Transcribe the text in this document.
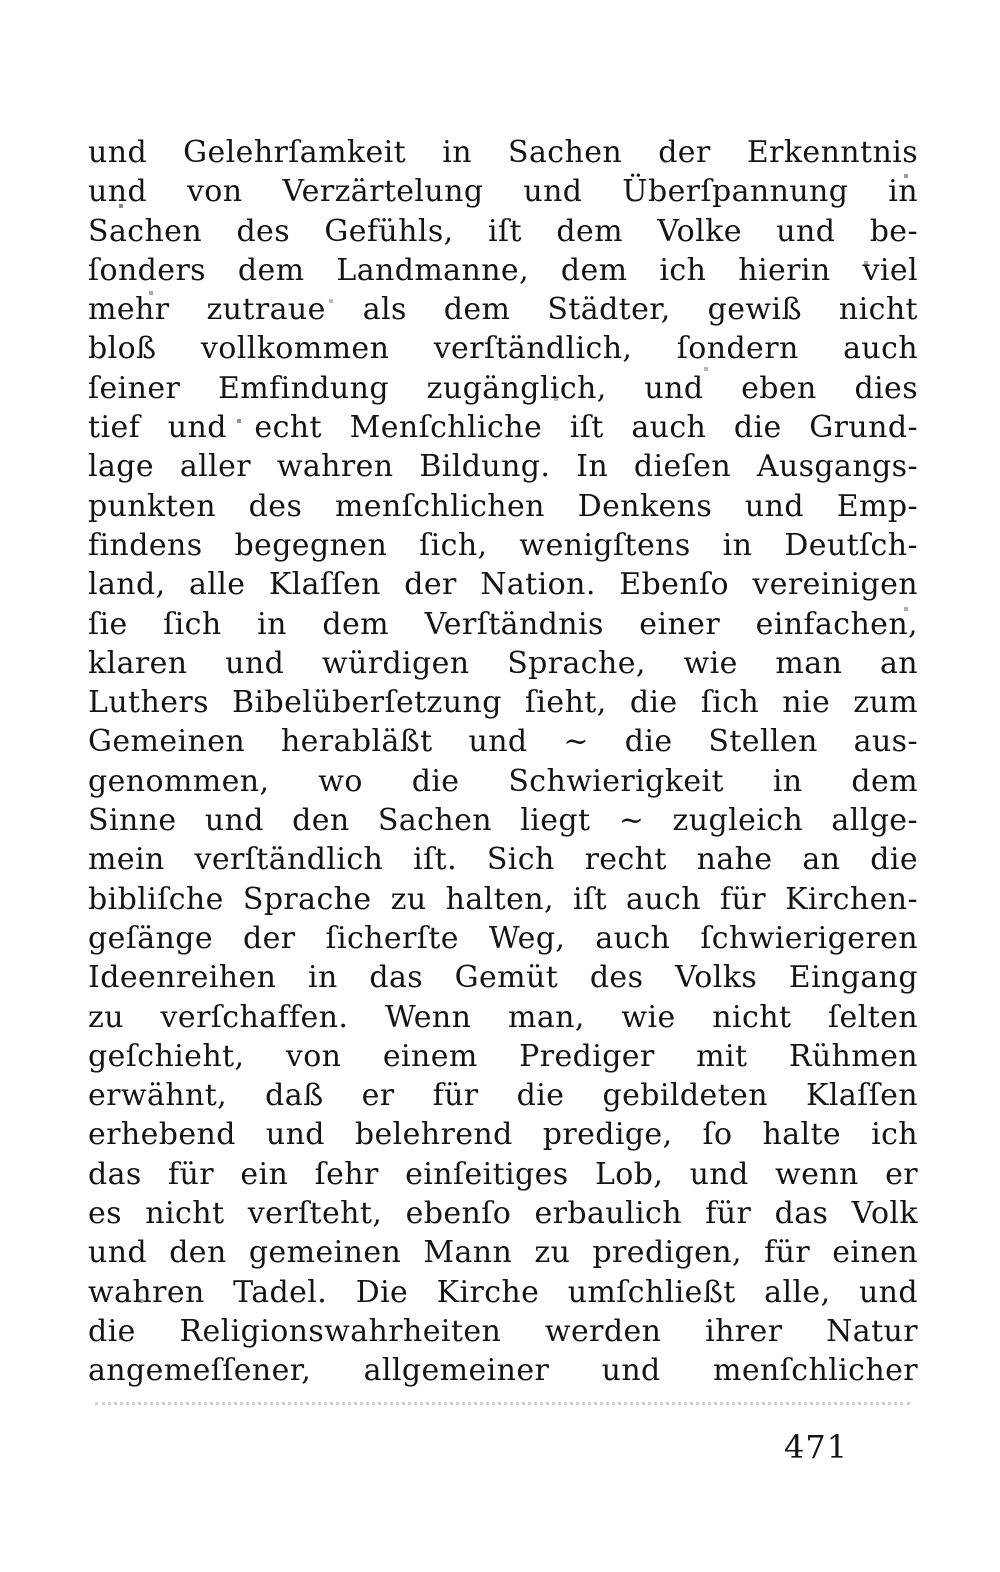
und Gelehrſamkeit in Sachen der Erkenntnis
und von Verzärtelung und Überſpannung in
Sachen des Gefühls, iſt dem Volke und be-
ſonders dem Landmanne, dem ich hierin viel
mehr zutraue als dem Städter, gewiß nicht
bloß vollkommen verſtändlich, ſondern auch
ſeiner Emfindung zugänglich, und eben dies
tief und echt Menſchliche iſt auch die Grund-
lage aller wahren Bildung. In dieſen Ausgangs-
punkten des menſchlichen Denkens und Emp-
findens begegnen ſich, wenigſtens in Deutſch-
land, alle Klaſſen der Nation. Ebenſo vereinigen
ſie ſich in dem Verſtändnis einer einfachen,
klaren und würdigen Sprache, wie man an
Luthers Bibelüberſetzung ſieht, die ſich nie zum
Gemeinen herabläßt und ~ die Stellen aus-
genommen, wo die Schwierigkeit in dem
Sinne und den Sachen liegt ~ zugleich allge-
mein verſtändlich iſt. Sich recht nahe an die
bibliſche Sprache zu halten, iſt auch für Kirchen-
geſänge der ſicherſte Weg, auch ſchwierigeren
Ideenreihen in das Gemüt des Volks Eingang
zu verſchaffen. Wenn man, wie nicht ſelten
geſchieht, von einem Prediger mit Rühmen
erwähnt, daß er für die gebildeten Klaſſen
erhebend und belehrend predige, ſo halte ich
das für ein ſehr einſeitiges Lob, und wenn er
es nicht verſteht, ebenſo erbaulich für das Volk
und den gemeinen Mann zu predigen, für einen
wahren Tadel. Die Kirche umſchließt alle, und
die Religionswahrheiten werden ihrer Natur
angemeſſener, allgemeiner und menſchlicher
471
